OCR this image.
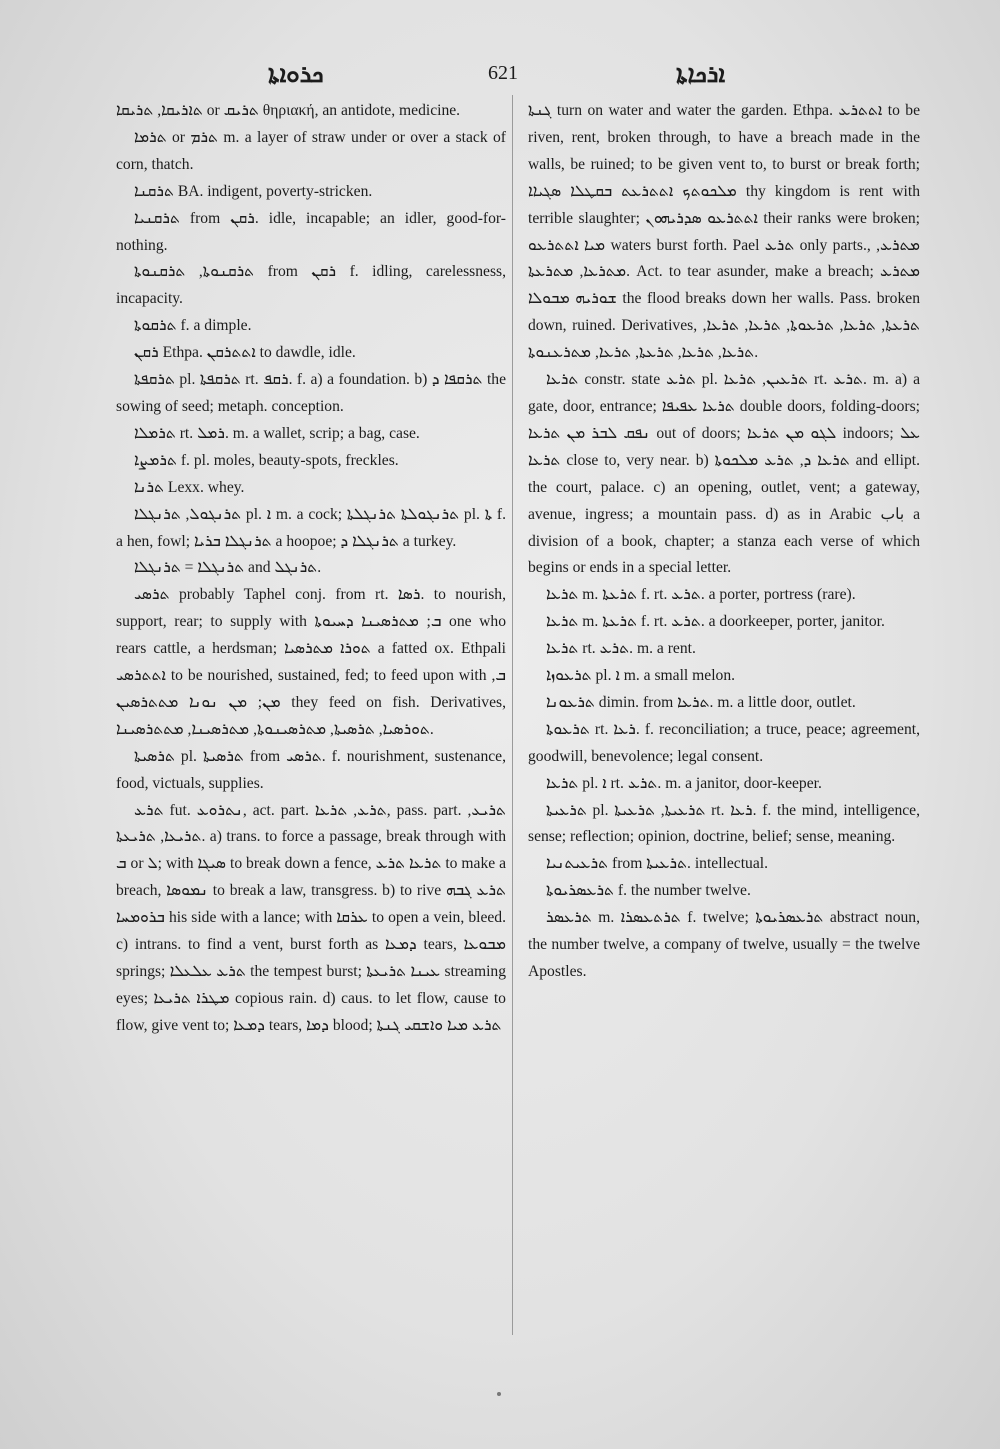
ܟܪܘܐܬܐ	621	ܐܪܟܐܬܐ

ܬܐܪܝܩܐ, ܬܪܝܩܐ or ܬܪܝܩ θηριακή, an antidote, medicine.

ܬܪܡܐ or ܬܪܡ m. a layer of straw under or over a stack of corn, thatch.

ܬܪܩܢܐ BA. indigent, poverty-stricken.

ܬܪܩܢܝܐ from ܪܩܢ. idle, incapable; an idler, good-for-nothing.

ܬܪܩܢܘܬܐ, ܬܪܩܢܘܬܐ from ܪܩܢ f. idling, carelessness, incapacity.

ܬܪܩܘܬܐ f. a dimple.

ܪܩܢ Ethpa. ܐܬܬܪܩܢ to dawdle, idle.

ܬܪܩܦܬܐ pl. ܬܪܩܦܬܐ rt. ܪܩܦ. f. a) a foundation. b) ܬܪܩܦܐ ܕ the sowing of seed; metaph. conception.

ܬܪܡܠܐ rt. ܪܡܠ. m. a wallet, scrip; a bag, case.

ܬܪܡܨܐ f. pl. moles, beauty-spots, freckles.

ܬܪܢܐ Lexx. whey.

ܬܪܢܓܘܠ, ܬܪܢܓܠܐ pl. ܐ m. a cock; ܬܪܢܓܘܠܬܐ ܬܪܢܓܠܬܐ pl. ܬܐ f. a hen, fowl; ܬܪܢܓܠܐ ܒܪܝܐ a hoopoe; ܬܪܢܓܠܐ ܕ a turkey.

ܬܪܢܓܠܐ = ܬܪܢܓܠܐ and ܬܪܢܓܠ.

ܬܪܣܝ probably Taphel conj. from rt. ܪܣܐ. to nourish, support, rear; to supply with ܒ; ܡܬܪܣܝܢܐ ܕܚܝܘܬܐ one who rears cattle, a herdsman; ܬܘܪܐ ܡܬܪܣܝܐ a fatted ox. Ethpali ܐܬܬܪܣܝ to be nourished, sustained, fed; to feed upon with ܒ, ܡܢ; ܡܢ ܢܘܢܐ ܡܬܬܪܣܝܢ they feed on fish. Derivatives, ܬܘܪܣܝܐ, ܬܪܣܝܬܐ, ܡܬܪܣܝܢܘܬܐ, ܡܬܪܣܝܢܐ, ܡܬܬܪܣܝܢܐ.

ܬܪܣܝܬܐ pl. ܬܪܣܝܬܐ from ܬܪܣܝ. f. nourishment, sustenance, food, victuals, supplies.

ܬܪܥ fut. ܢܬܪܘܥ, act. part. ܬܪܥ, ܬܪܥܐ, pass. part. ܬܪܝܥ, ܬܪܝܥܐ, ܬܪܝܥܬܐ. a) trans. to force a passage, break through with ܒ or ܠ; with ܣܝܓܐ to break down a fence, ܬܪܥܐ ܬܪܥ to make a breach, ܢܡܘܣܐ to break a law, transgress. b) to rive ܬܪܥ ܓܒܗ ܒܪܘܡܚܐ his side with a lance; with ܥܪܩܐ to open a vein, bleed. c) intrans. to find a vent, burst forth as ܕܡܥܐ tears, ܡܒܘܥܐ springs; ܬܪܥ ܥܠܥܠܐ the tempest burst; ܥܝܢܐ ܬܪܝܥܬܐ streaming eyes; ܡܛܪܐ ܬܪܝܥܐ copious rain. d) caus. to let flow, cause to flow, give vent to; ܕܡܥܐ tears, ܕܡܐ blood; ܬܪܥ ܡܝܐ ܘܐܫܩܝ ܓܢܬܐ

ܓܢܬܐ turn on water and water the garden. Ethpa. ܐܬܬܪܥ to be riven, rent, broken through, to have a breach made in the walls, be ruined; to be given vent to, to burst or break forth; ܡܠܟܘܬܟ ܐܬܬܪܥܬ ܒܩܛܠܐ ܣܓܝܐܐ thy kingdom is rent with terrible slaughter; ܐܬܬܪܥܘ ܣܕܪܝܗܘܢ their ranks were broken; ܡܝܐ ܐܬܬܪܥܘ waters burst forth. Pael ܬܪܥ only parts., ܡܬܪܥ, ܡܬܪܥܐ, ܡܬܪܥܬܐ. Act. to tear asunder, make a breach; ܡܬܪܥ ܫܘܪܝܗ ܡܒܘܠܐ the flood breaks down her walls. Pass. broken down, ruined. Derivatives, ܬܪܥܬܐ, ܬܪܥܐ, ܬܪܥܘܬܐ, ܬܪܥܐ, ܬܪܥܐ, ܬܪܥܐ, ܬܪܥܐ, ܬܪܥܬܐ, ܬܪܥܐ, ܡܬܪܥܢܘܬܐ.

ܬܪܥܐ constr. state ܬܪܥ pl. ܬܪܥܝܢ, ܬܪܥܐ rt. ܬܪܥ. m. a) a gate, door, entrance; ܬܪܥܐ ܥܦܝܦܐ double doors, folding-doors; ܢܦܩ ܠܒܪ ܡܢ ܬܪܥܐ out of doors; ܠܓܘ ܡܢ ܬܪܥܐ indoors; ܥܠ ܬܪܥܐ close to, very near. b) ܬܪܥܐ ܕ, ܬܪܥ ܡܠܟܘܬܐ and ellipt. the court, palace. c) an opening, outlet, vent; a gateway, avenue, ingress; a mountain pass. d) as in Arabic باب a division of a book, chapter; a stanza each verse of which begins or ends in a special letter.

ܬܪܥܐ m. ܬܪܥܬܐ f. rt. ܬܪܥ. a porter, portress (rare).

ܬܪܥܐ m. ܬܪܥܬܐ f. rt. ܬܪܥ. a doorkeeper, porter, janitor.

ܬܪܥܐ rt. ܬܪܥ. m. a rent.

ܬܪܥܘܙܐ pl. ܐ m. a small melon.

ܬܪܥܘܢܐ dimin. from ܬܪܥܐ. m. a little door, outlet.

ܬܪܥܘܬܐ rt. ܪܥܐ. f. reconciliation; a truce, peace; agreement, goodwill, benevolence; legal consent.

ܬܪܥܐ pl. ܐ rt. ܬܪܥ. m. a janitor, door-keeper.

ܬܪܥܝܬܐ pl. ܬܪܥܝܬܐ, ܬܪܥܝܬܐ rt. ܪܥܐ. f. the mind, intelligence, sense; reflection; opinion, doctrine, belief; sense, meaning.

ܬܪܥܝܬܢܝܐ from ܬܪܥܝܬܐ. intellectual.

ܬܪܥܣܪܝܘܬܐ f. the number twelve.

ܬܪܥܣܪ m. ܬܪܬܥܣܪܐ f. twelve; ܬܪܥܣܪܝܘܬܐ abstract noun, the number twelve, a company of twelve, usually = the twelve Apostles.
